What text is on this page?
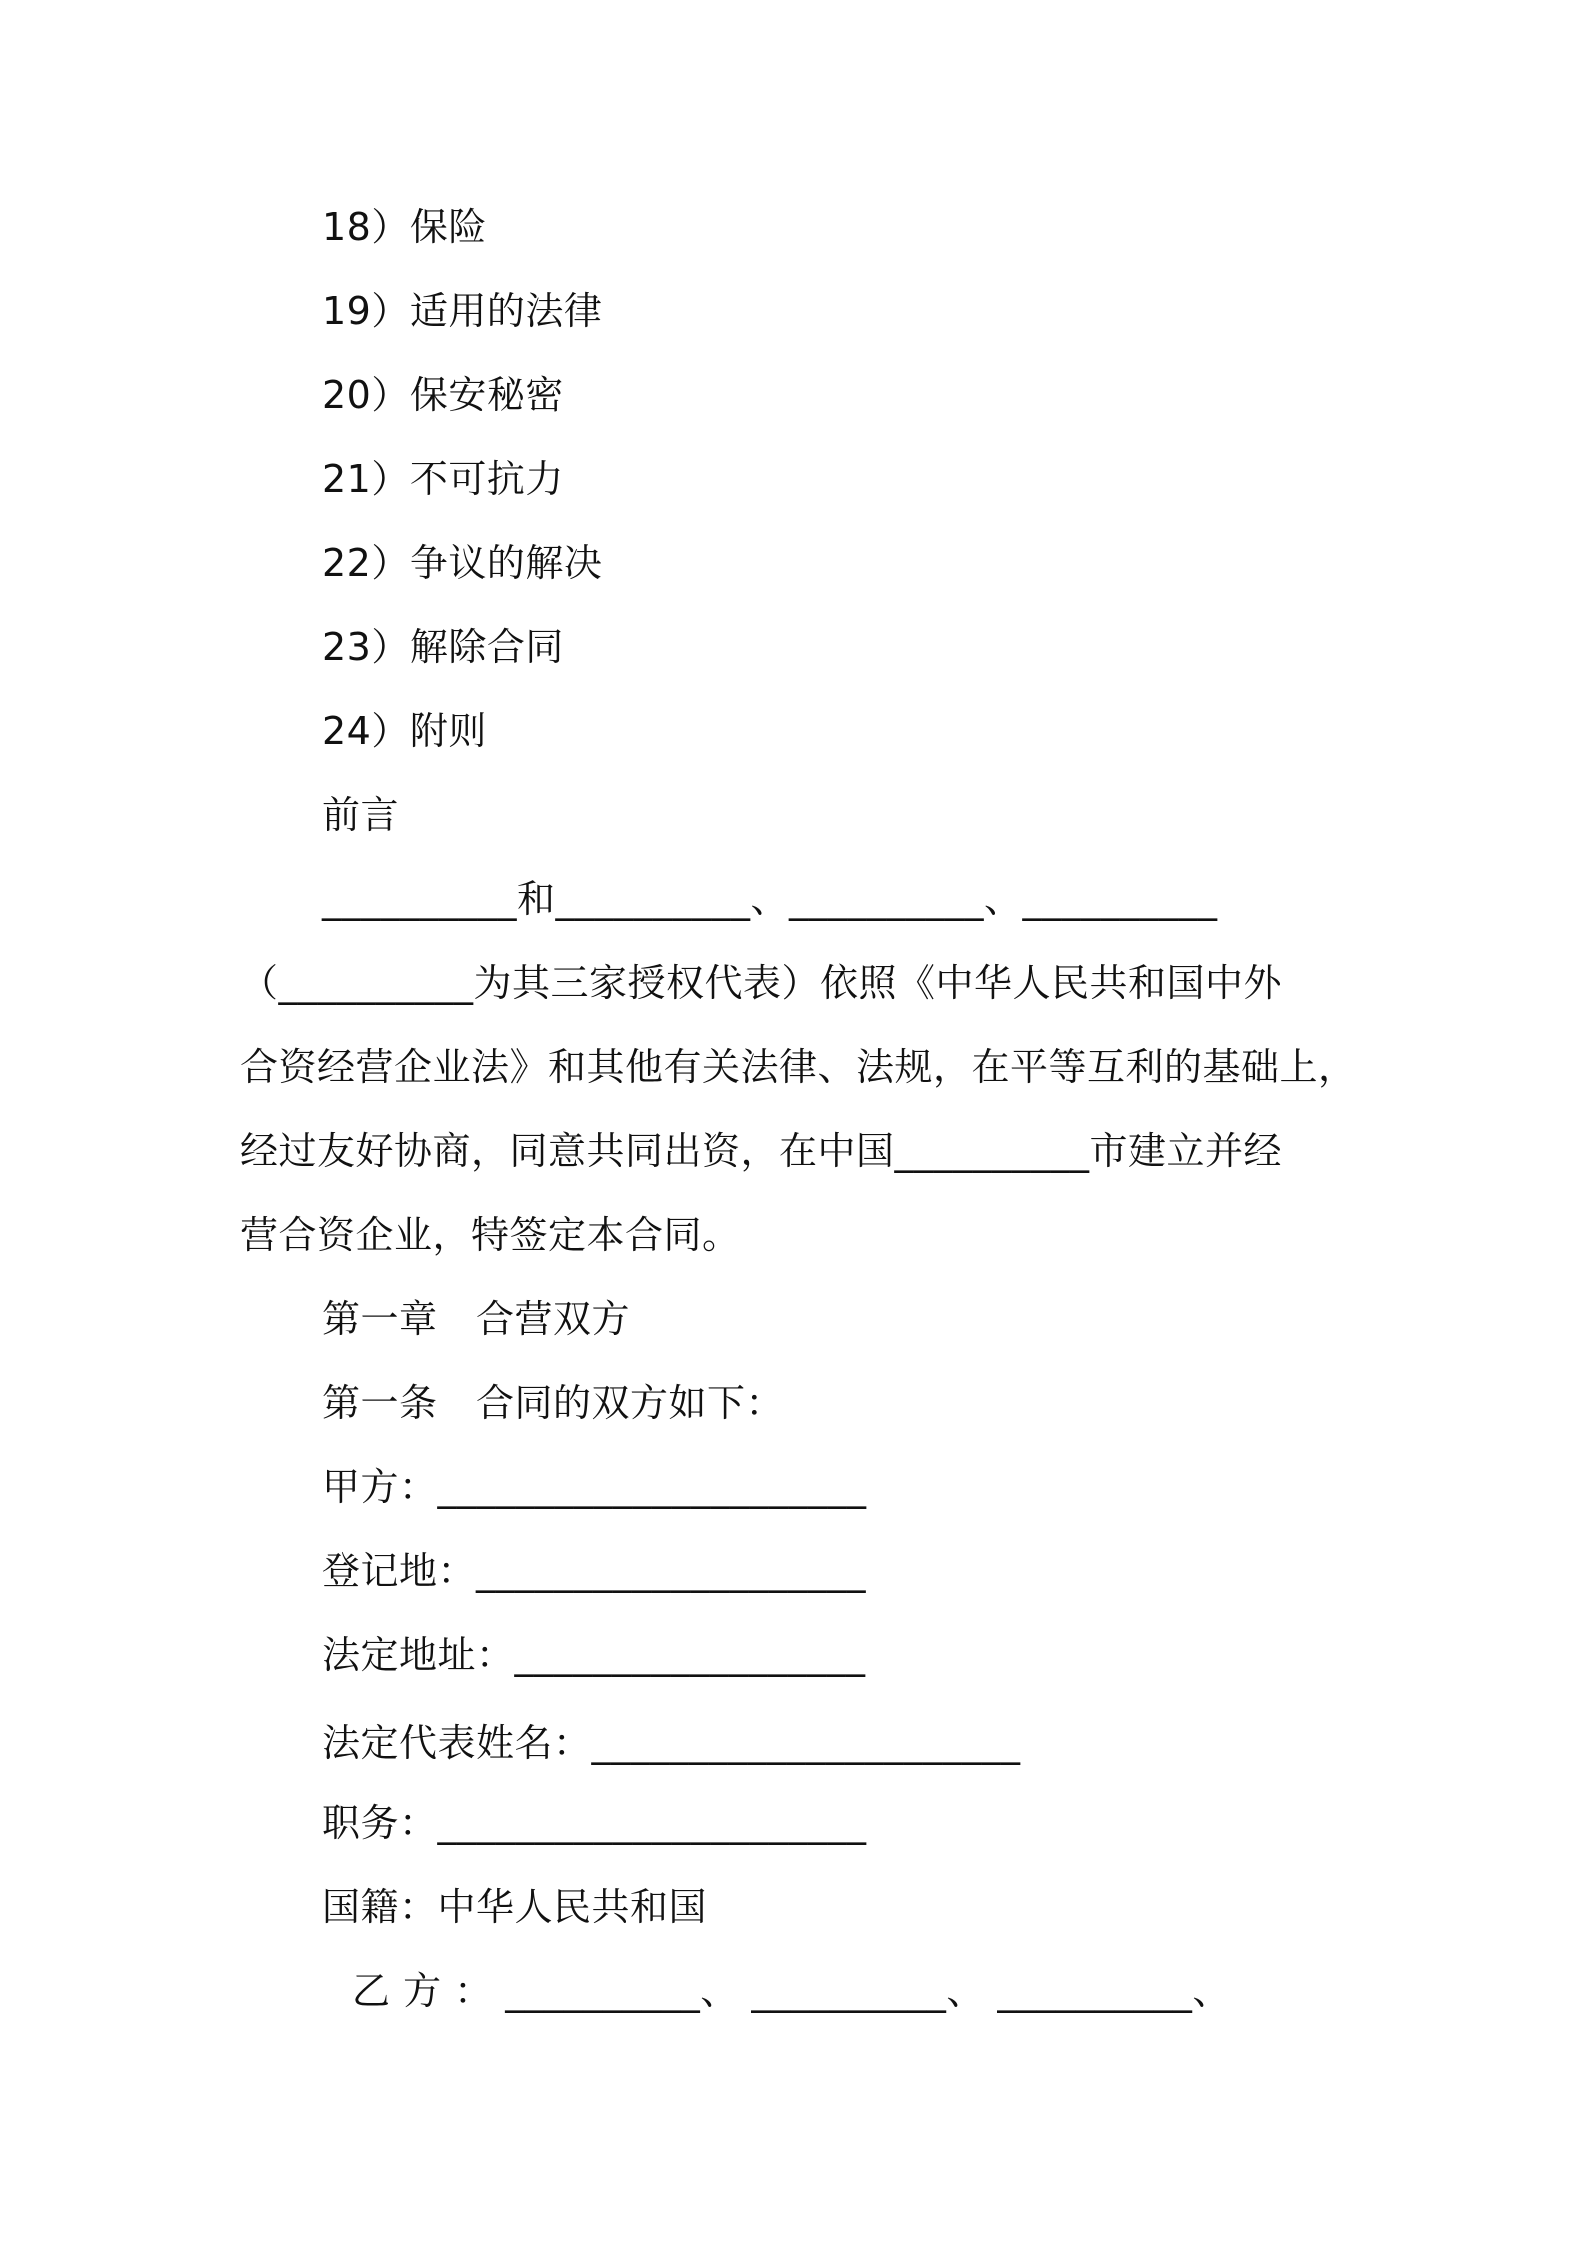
18）保险
19）适用的法律
20）保安秘密
21）不可抗力
22）争议的解决
23）解除合同
24）附则
前言
__________和__________、__________、__________
（__________为其三家授权代表）依照《中华人民共和国中外
合资经营企业法》和其他有关法律、法规，在平等互利的基础上，
经过友好协商，同意共同出资，在中国__________市建立并经
营合资企业，特签定本合同。
第一章　合营双方
第一条　合同的双方如下：
甲方：______________________
登记地：____________________
法定地址：__________________
法定代表姓名：______________________
职务：______________________
国籍：中华人民共和国
乙 方 ： __________、 __________、 __________、
